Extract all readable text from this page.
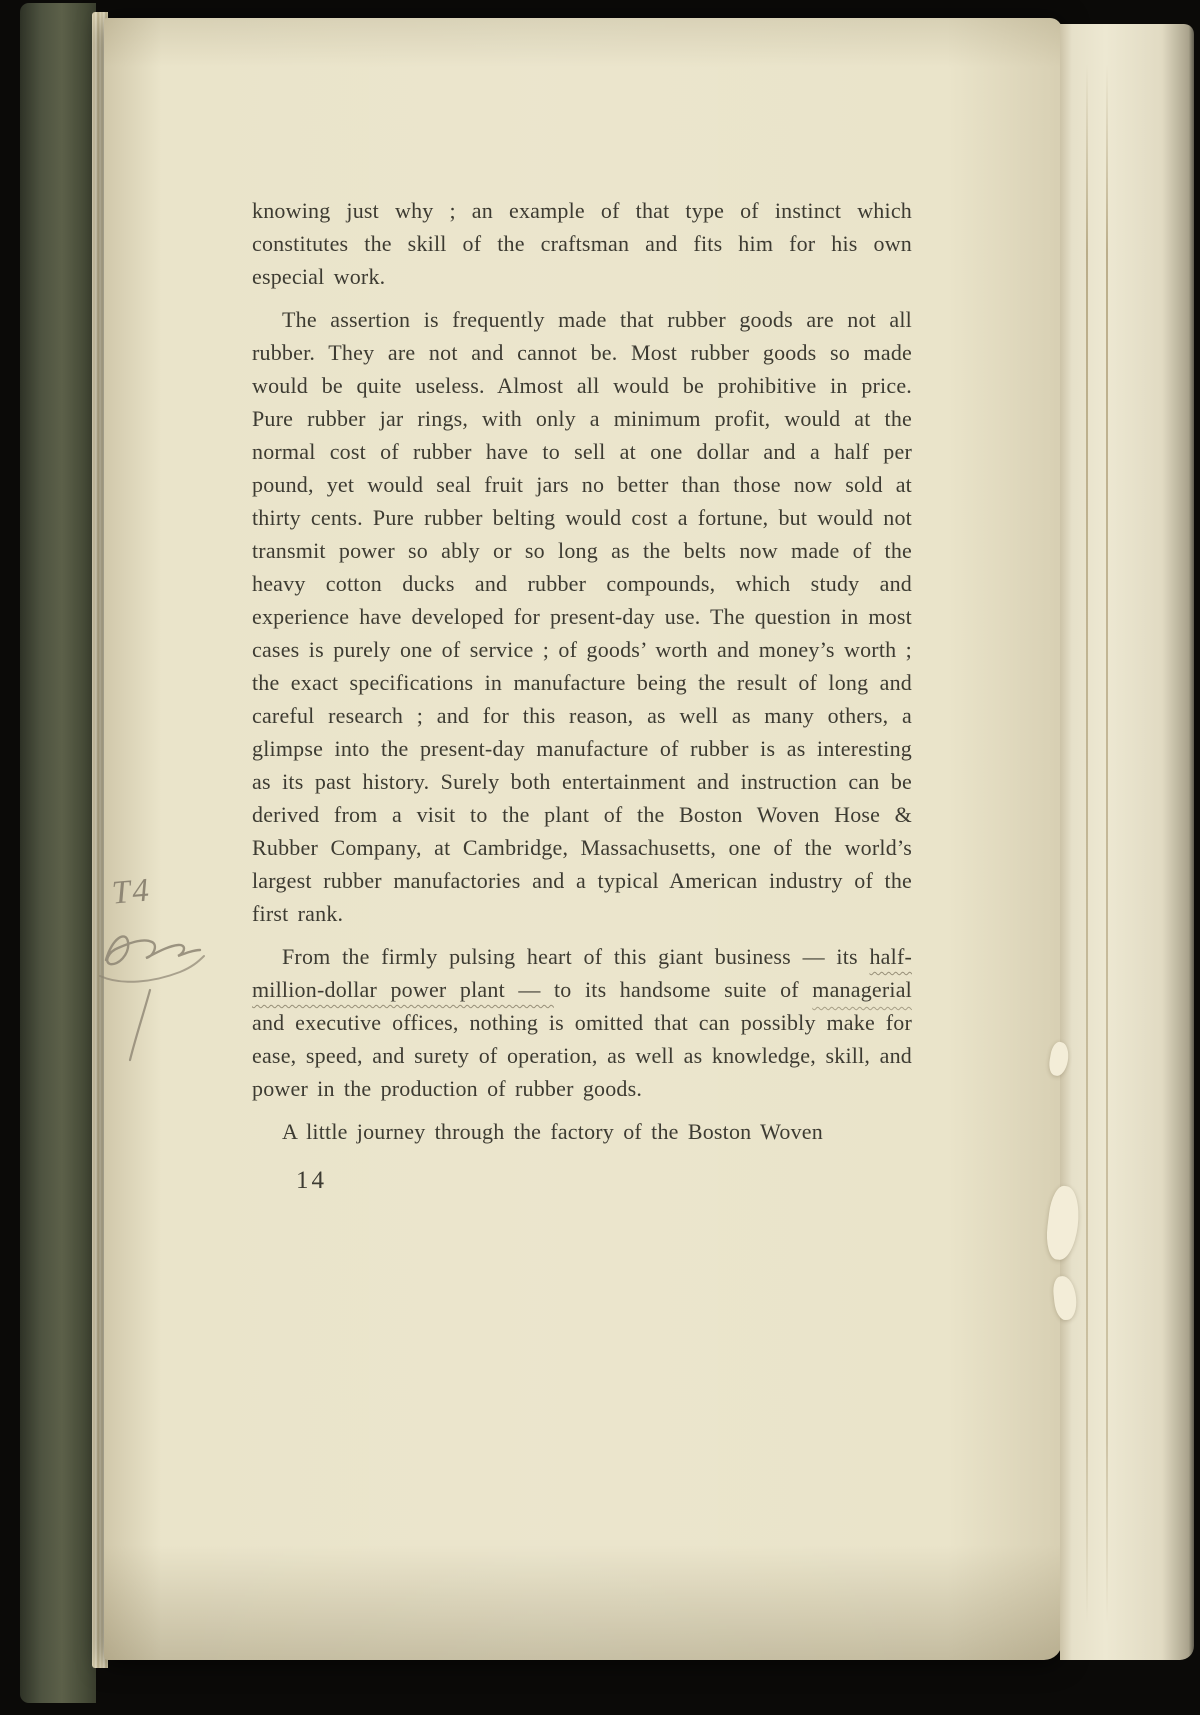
knowing just why ; an example of that type of instinct which constitutes the skill of the craftsman and fits him for his own especial work.

The assertion is frequently made that rubber goods are not all rubber. They are not and cannot be. Most rubber goods so made would be quite useless. Almost all would be prohibitive in price. Pure rubber jar rings, with only a minimum profit, would at the normal cost of rubber have to sell at one dollar and a half per pound, yet would seal fruit jars no better than those now sold at thirty cents. Pure rubber belting would cost a fortune, but would not transmit power so ably or so long as the belts now made of the heavy cotton ducks and rubber compounds, which study and experience have developed for present-day use. The question in most cases is purely one of service ; of goods’ worth and money’s worth ; the exact specifications in manufacture being the result of long and careful research ; and for this reason, as well as many others, a glimpse into the present-day manufacture of rubber is as interesting as its past history. Surely both entertainment and instruction can be derived from a visit to the plant of the Boston Woven Hose & Rubber Company, at Cambridge, Massachusetts, one of the world’s largest rubber manufactories and a typical American industry of the first rank.

From the firmly pulsing heart of this giant business — its half-million-dollar power plant — to its handsome suite of managerial and executive offices, nothing is omitted that can possibly make for ease, speed, and surety of operation, as well as knowledge, skill, and power in the production of rubber goods.

A little journey through the factory of the Boston Woven

14
T4
